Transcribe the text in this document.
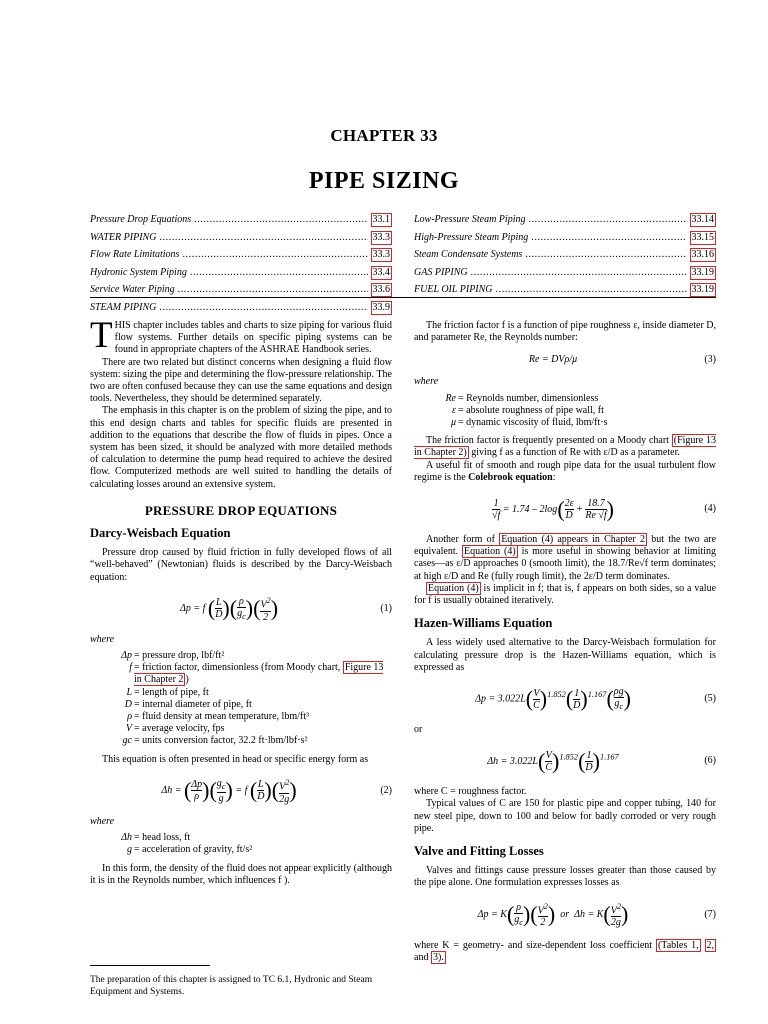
CHAPTER 33
PIPE SIZING
Pressure Drop Equations .....	33.1
WATER PIPING .....	33.3
Flow Rate Limitations .....	33.3
Hydronic System Piping .....	33.4
Service Water Piping .....	33.6
STEAM PIPING .....	33.9
Low-Pressure Steam Piping .....	33.14
High-Pressure Steam Piping .....	33.15
Steam Condensate Systems .....	33.16
GAS PIPING .....	33.19
FUEL OIL PIPING .....	33.19

THIS chapter includes tables and charts to size piping for various fluid flow systems. Further details on specific piping systems can be found in appropriate chapters of the ASHRAE Handbook series.

There are two related but distinct concerns when designing a fluid flow system: sizing the pipe and determining the flow-pressure relationship. The two are often confused because they can use the same equations and design tools. Nevertheless, they should be determined separately.

The emphasis in this chapter is on the problem of sizing the pipe, and to this end design charts and tables for specific fluids are presented in addition to the equations that describe the flow of fluids in pipes. Once a system has been sized, it should be analyzed with more detailed methods of calculation to determine the pump head required to achieve the desired flow. Computerized methods are well suited to handling the details of calculating losses around an extensive system.

PRESSURE DROP EQUATIONS
Darcy-Weisbach Equation

Pressure drop caused by fluid friction in fully developed flows of all “well-behaved” (Newtonian) fluids is described by the Darcy-Weisbach equation:

Δp = f ( $\frac{L}{D}$ )( $\frac{\rho}{g_c}$ )( $\frac{V^2}{2}$ )	(1)
where
Δp = pressure drop, lbf/ft²
f = friction factor, dimensionless (from Moody chart, Figure 13 in Chapter 2 )
L = length of pipe, ft
D = internal diameter of pipe, ft
ρ = fluid density at mean temperature, lbm/ft³
V = average velocity, fps
gc = units conversion factor, 32.2 ft·lbm/lbf·s²

This equation is often presented in head or specific energy form as

Δh = ( $\frac{\Delta p}{\rho}$ )( $\frac{g_c}{g}$ ) = f ( $\frac{L}{D}$ )( $\frac{V^2}{2g}$ )	(2)
where
Δh = head loss, ft
g = acceleration of gravity, ft/s²

In this form, the density of the fluid does not appear explicitly (although it is in the Reynolds number, which influences f ).

The friction factor f is a function of pipe roughness ε, inside diameter D, and parameter Re, the Reynolds number:

Re = DVρ/μ	(3)
where
Re = Reynolds number, dimensionless
ε = absolute roughness of pipe wall, ft
μ = dynamic viscosity of fluid, lbm/ft·s

The friction factor is frequently presented on a Moody chart (Figure 13 in Chapter 2) giving f as a function of Re with ε/D as a parameter.

A useful fit of smooth and rough pipe data for the usual turbulent flow regime is the Colebrook equation:

$\frac{1}{√f} = 1.74 - 2\log( \frac{2\varepsilon}{D} + \frac{18.7}{Re √f}$ )	(4)

Another form of Equation (4) appears in Chapter 2 but the two are equivalent. Equation (4) is more useful in showing behavior at limiting cases—as ε/D approaches 0 (smooth limit), the 18.7/Re√f term dominates; at high ε/D and Re (fully rough limit), the 2ε/D term dominates.

Equation (4) is implicit in f; that is, f appears on both sides, so a value for f is usually obtained iteratively.

Hazen-Williams Equation

A less widely used alternative to the Darcy-Weisbach formulation for calculating pressure drop is the Hazen-Williams equation, which is expressed as

$\Delta p = 3.022L( \frac{V}{C} )^{1.852}( \frac{1}{D} )^{1.167}( \frac{\rho g}{g_c}$ )	(5)

or

$\Delta h = 3.022L( \frac{V}{C} )^{1.852}( \frac{1}{D} )^{1.167}$	(6)

where C = roughness factor.

Typical values of C are 150 for plastic pipe and copper tubing, 140 for new steel pipe, down to 100 and below for badly corroded or very rough pipe.

Valve and Fitting Losses

Valves and fittings cause pressure losses greater than those caused by the pipe alone. One formulation expresses losses as

$\Delta p = K( \frac{\rho}{g_c}$ )( $\frac{V^2}{2}$ )  or  $\Delta h = K( \frac{V^2}{2g}$ )	(7)

where K = geometry- and size-dependent loss coefficient (Tables 1, 2, and 3).

The preparation of this chapter is assigned to TC 6.1, Hydronic and Steam Equipment and Systems.
